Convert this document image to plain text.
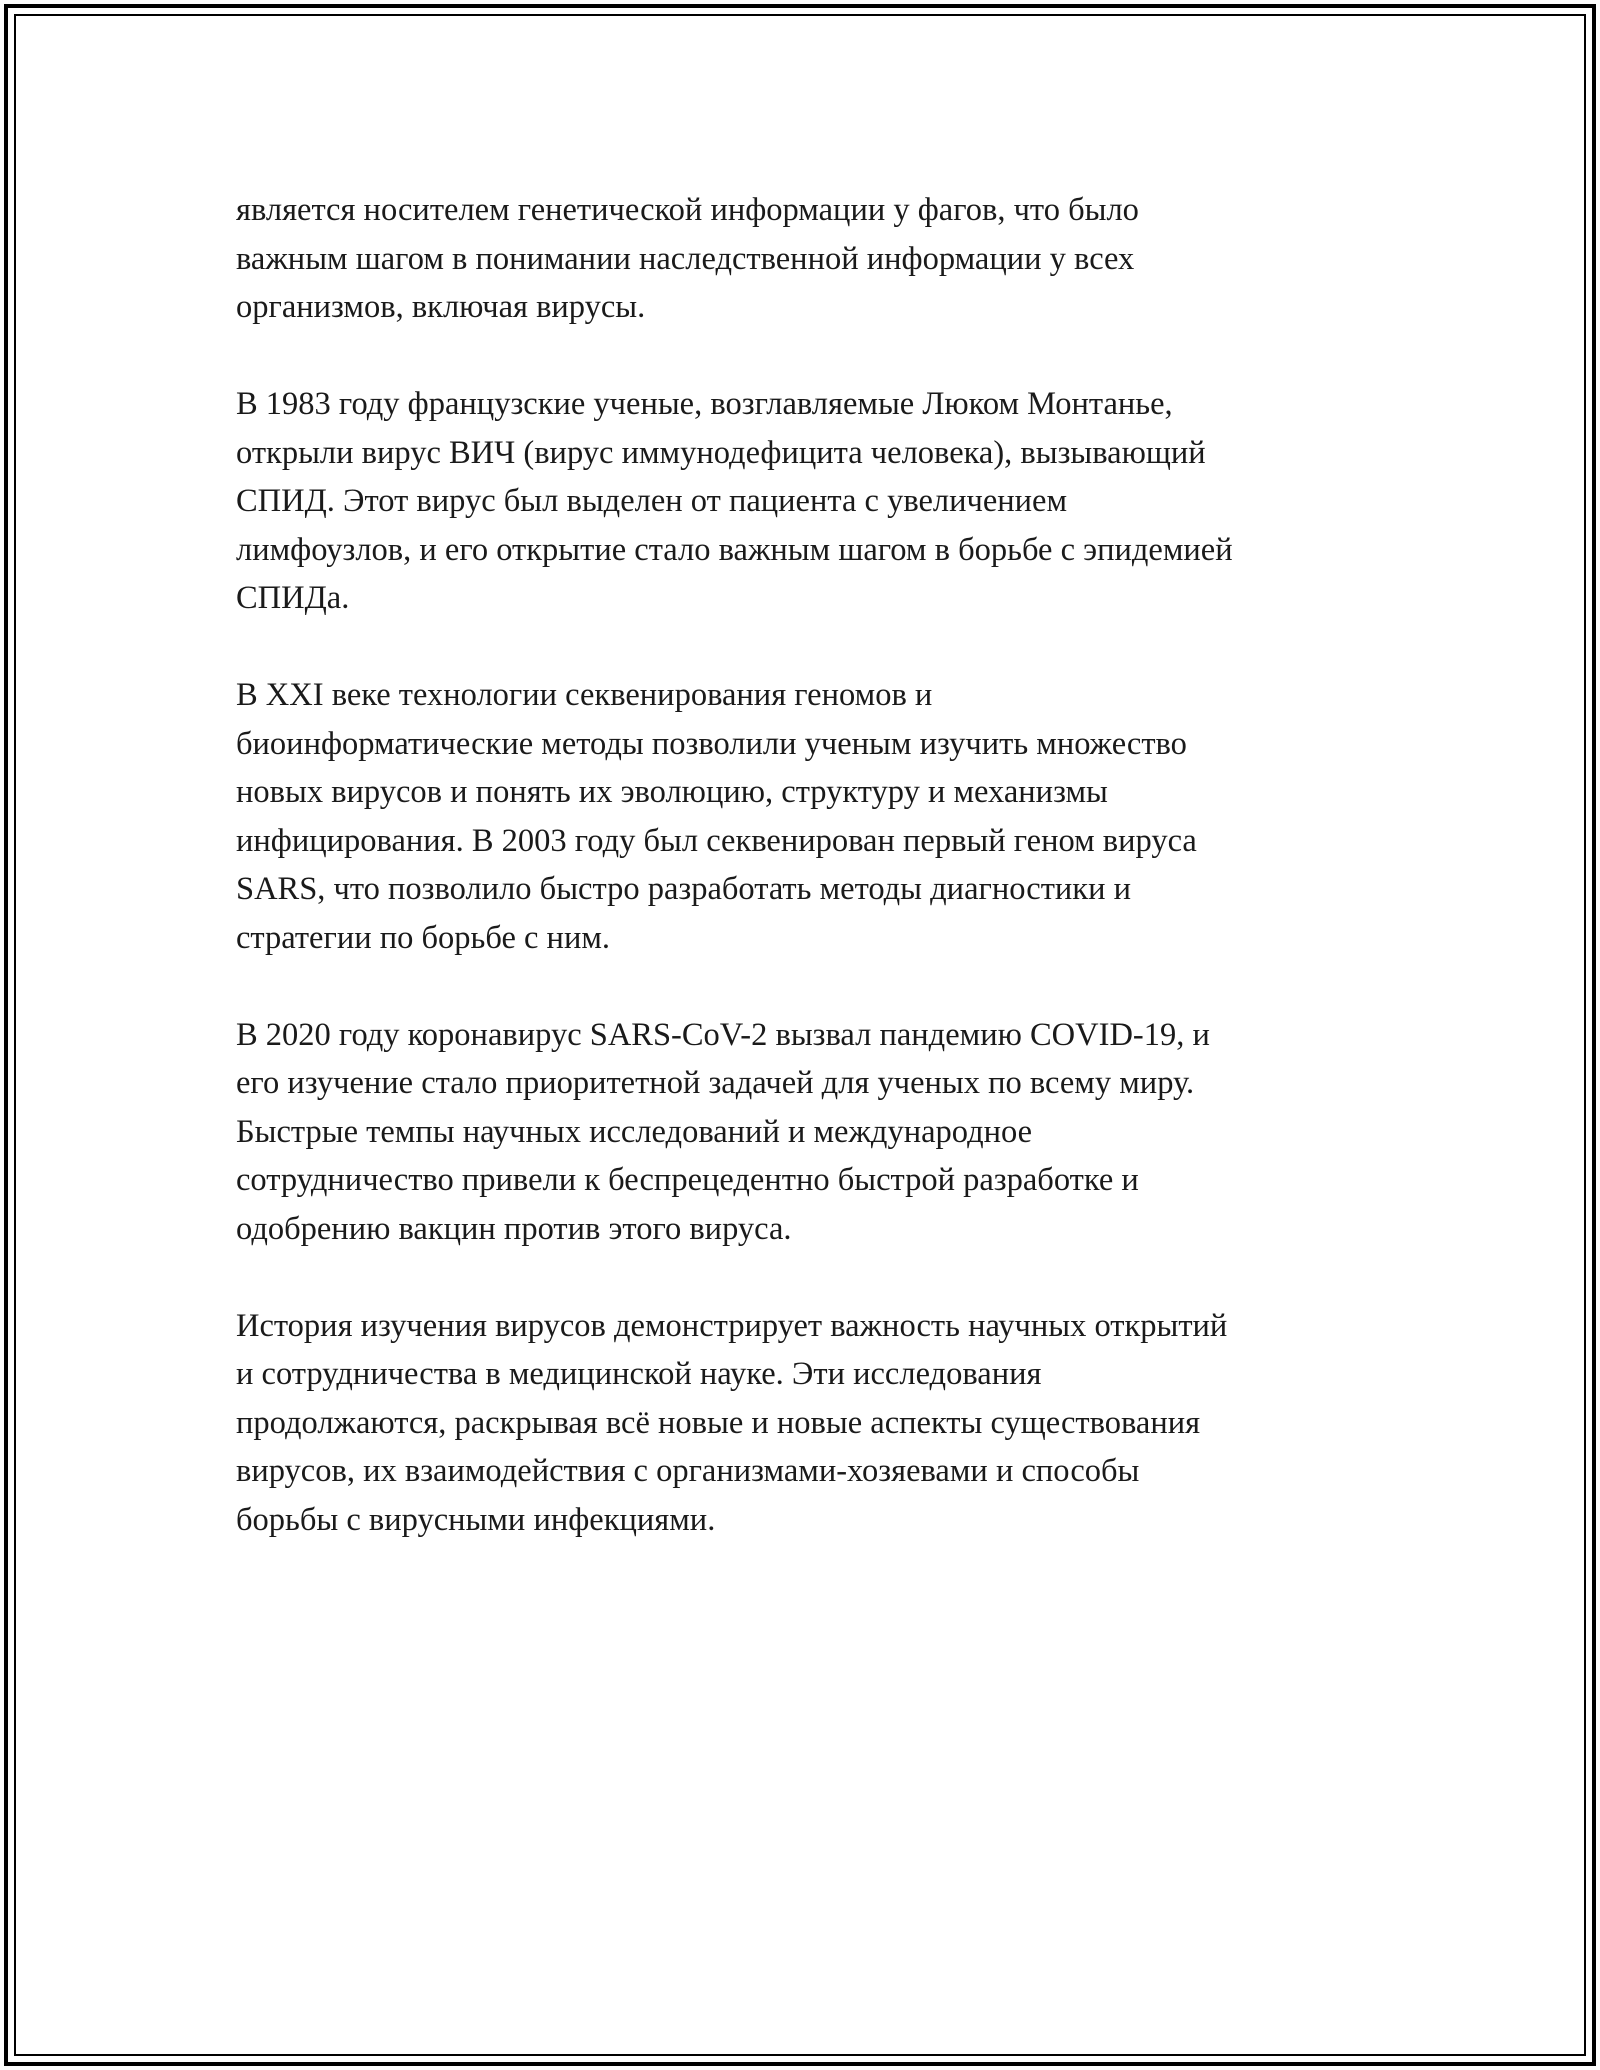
является носителем генетической информации у фагов, что было
важным шагом в понимании наследственной информации у всех
организмов, включая вирусы.

В 1983 году французские ученые, возглавляемые Люком Монтанье,
открыли вирус ВИЧ (вирус иммунодефицита человека), вызывающий
СПИД. Этот вирус был выделен от пациента с увеличением
лимфоузлов, и его открытие стало важным шагом в борьбе с эпидемией
СПИДа.

В XXI веке технологии секвенирования геномов и
биоинформатические методы позволили ученым изучить множество
новых вирусов и понять их эволюцию, структуру и механизмы
инфицирования. В 2003 году был секвенирован первый геном вируса
SARS, что позволило быстро разработать методы диагностики и
стратегии по борьбе с ним.

В 2020 году коронавирус SARS-CoV-2 вызвал пандемию COVID-19, и
его изучение стало приоритетной задачей для ученых по всему миру.
Быстрые темпы научных исследований и международное
сотрудничество привели к беспрецедентно быстрой разработке и
одобрению вакцин против этого вируса.

История изучения вирусов демонстрирует важность научных открытий
и сотрудничества в медицинской науке. Эти исследования
продолжаются, раскрывая всё новые и новые аспекты существования
вирусов, их взаимодействия с организмами-хозяевами и способы
борьбы с вирусными инфекциями.
